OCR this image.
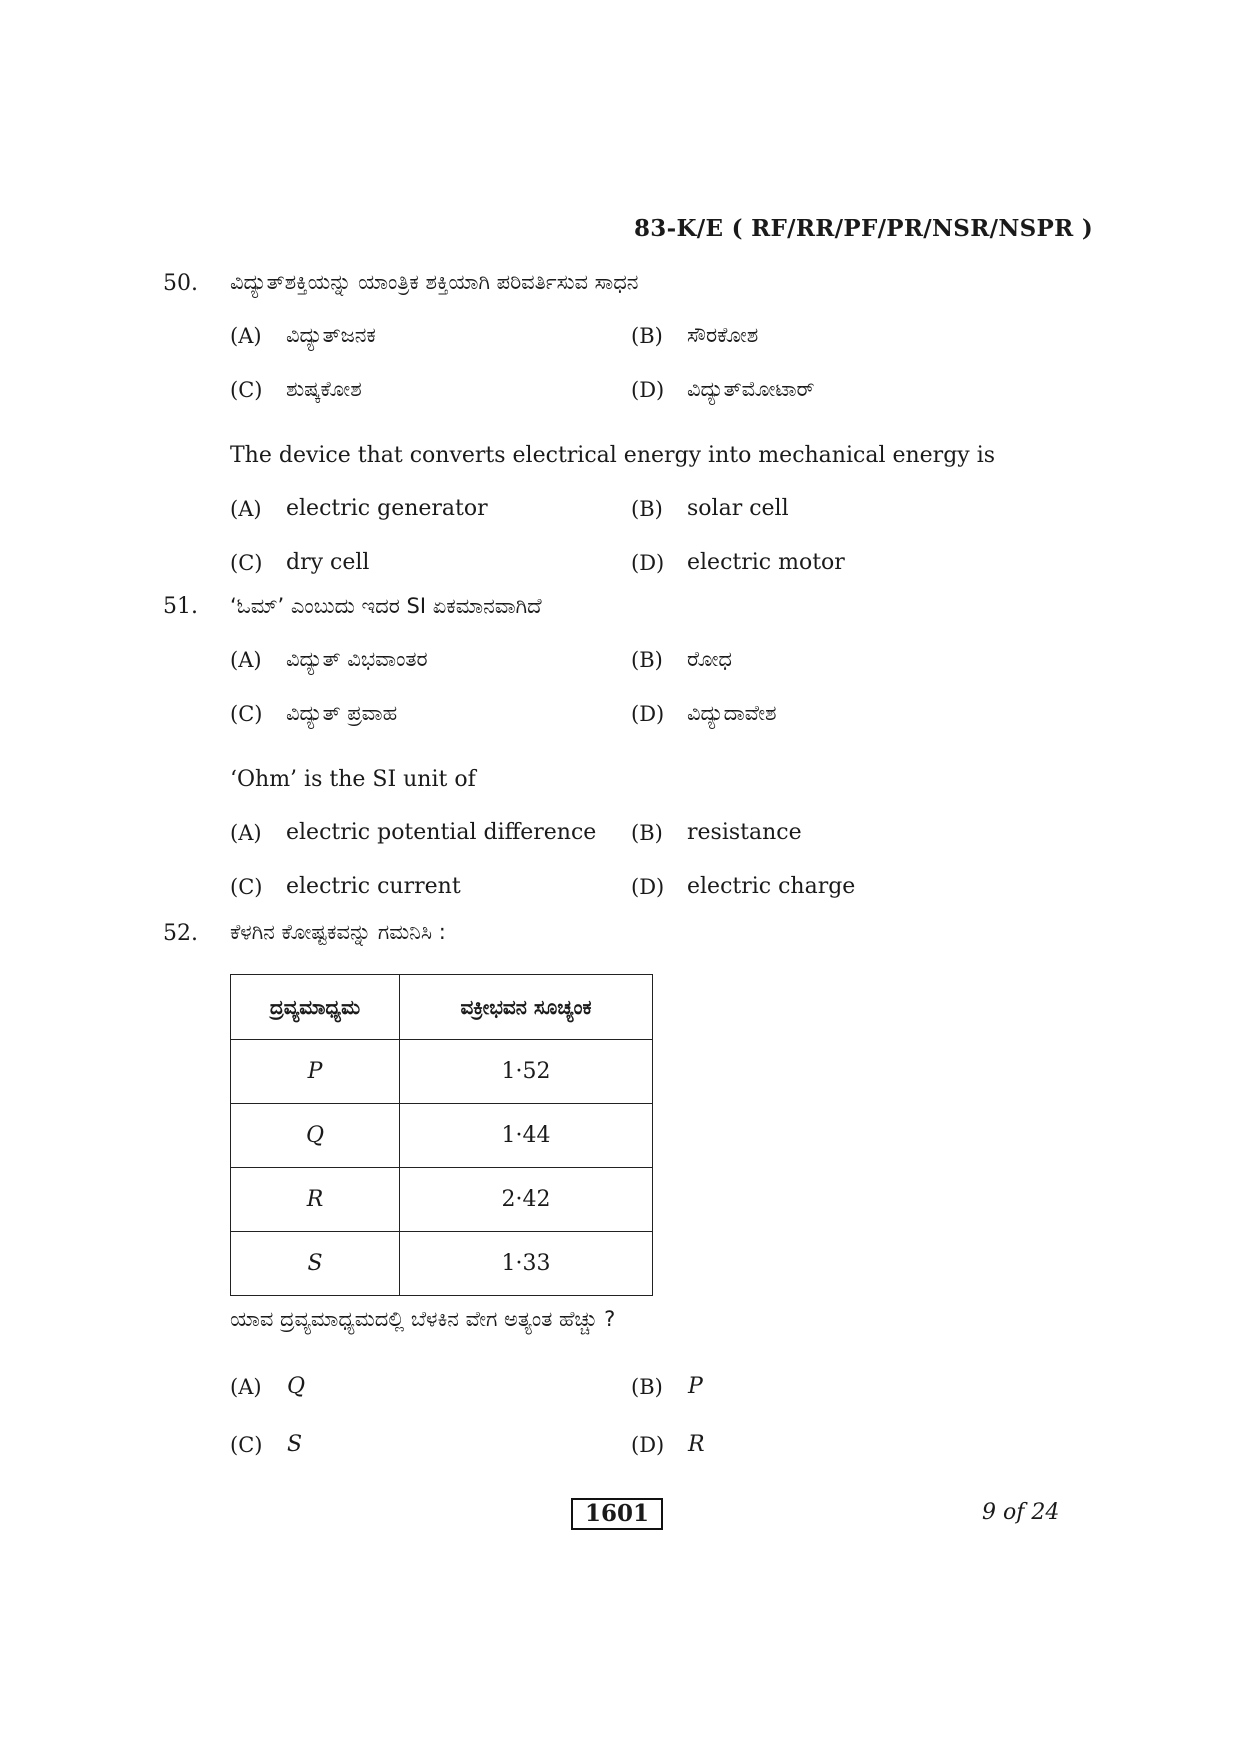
83-K/E ( RF/RR/PF/PR/NSR/NSPR )
50. ವಿದ್ಯುತ್‌ಶಕ್ತಿಯನ್ನು ಯಾಂತ್ರಿಕ ಶಕ್ತಿಯಾಗಿ ಪರಿವರ್ತಿಸುವ ಸಾಧನ
(A) ವಿದ್ಯುತ್‌ಜನಕ	(B) ಸೌರಕೋಶ
(C) ಶುಷ್ಕಕೋಶ	(D) ವಿದ್ಯುತ್‌ಮೋಟಾರ್
The device that converts electrical energy into mechanical energy is
(A) electric generator	(B) solar cell
(C) dry cell	(D) electric motor
51. ‘ಓಮ್’ ಎಂಬುದು ಇದರ SI ಏಕಮಾನವಾಗಿದೆ
(A) ವಿದ್ಯುತ್ ವಿಭವಾಂತರ	(B) ರೋಧ
(C) ವಿದ್ಯುತ್ ಪ್ರವಾಹ	(D) ವಿದ್ಯುದಾವೇಶ
‘Ohm’ is the SI unit of
(A) electric potential difference (B) resistance
(C) electric current	(D) electric charge
52. ಕೆಳಗಿನ ಕೋಷ್ಟಕವನ್ನು ಗಮನಿಸಿ :
ದ್ರವ್ಯಮಾಧ್ಯಮ	ವಕ್ರೀಭವನ ಸೂಚ್ಯಂಕ
P	1·52
Q	1·44
R	2·42
S	1·33
ಯಾವ ದ್ರವ್ಯಮಾಧ್ಯಮದಲ್ಲಿ ಬೆಳಕಿನ ವೇಗ ಅತ್ಯಂತ ಹೆಚ್ಚು ?
(A) Q	(B) P
(C) S	(D) R
1601	9 of 24
